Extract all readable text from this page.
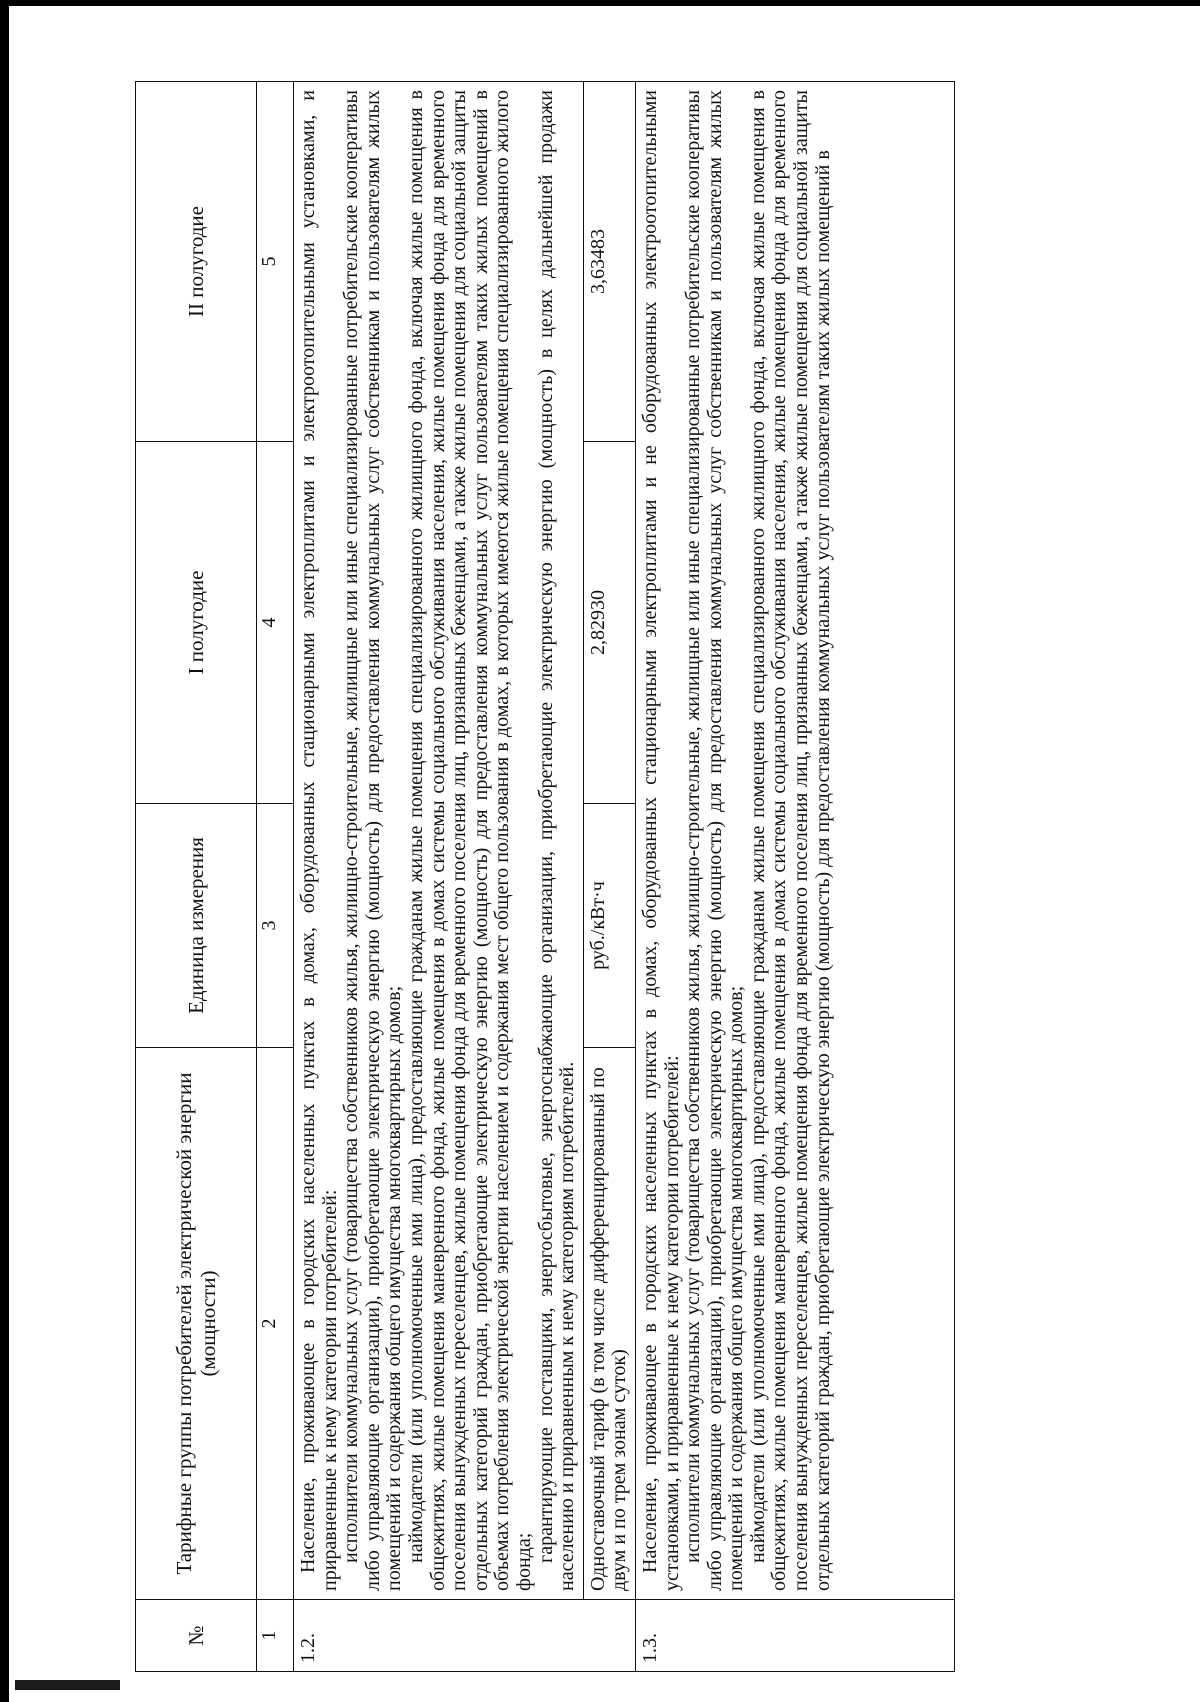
№	Тарифные группы потребителей электрической энергии (мощности)	Единица измерения	I полугодие	II полугодие
1	2	3	4	5
1.2.	Население, проживающее в городских населенных пунктах в домах, оборудованных стационарными электроплитами и электроотопительными установками, и приравненные к нему категории потребителей: исполнители коммунальных услуг (товарищества собственников жилья, жилищно-строительные, жилищные или иные специализированные потребительские кооперативы либо управляющие организации), приобретающие электрическую энергию (мощность) для предоставления коммунальных услуг собственникам и пользователям жилых помещений и содержания общего имущества многоквартирных домов; наймодатели (или уполномоченные ими лица), предоставляющие гражданам жилые помещения специализированного жилищного фонда, включая жилые помещения в общежитиях, жилые помещения маневренного фонда, жилые помещения в домах системы социального обслуживания населения, жилые помещения фонда для временного поселения вынужденных переселенцев, жилые помещения фонда для временного поселения лиц, признанных беженцами, а также жилые помещения для социальной защиты отдельных категорий граждан, приобретающие электрическую энергию (мощность) для предоставления коммунальных услуг пользователям таких жилых помещений в объемах потребления электрической энергии населением и содержания мест общего пользования в домах, в которых имеются жилые помещения специализированного жилого фонда; гарантирующие поставщики, энергосбытовые, энергоснабжающие организации, приобретающие электрическую энергию (мощность) в целях дальнейшей продажи населению и приравненным к нему категориям потребителей.			

	Одноставочный тариф (в том числе дифференцированный по двум и по трем зонам суток)	руб./кВт·ч	2,82930	3,63483
1.3.	Население, проживающее в городских населенных пунктах в домах, оборудованных стационарными электроплитами и не оборудованных электроотопительными установками, и приравненные к нему категории потребителей: исполнители коммунальных услуг (товарищества собственников жилья, жилищно-строительные, жилищные или иные специализированные потребительские кооперативы либо управляющие организации), приобретающие электрическую энергию (мощность) для предоставления коммунальных услуг собственникам и пользователям жилых помещений и содержания общего имущества многоквартирных домов; наймодатели (или уполномоченные ими лица), предоставляющие гражданам жилые помещения специализированного жилищного фонда, включая жилые помещения в общежитиях, жилые помещения маневренного фонда, жилые помещения в домах системы социального обслуживания населения, жилые помещения фонда для временного поселения вынужденных переселенцев, жилые помещения фонда для временного поселения лиц, признанных беженцами, а также жилые помещения для социальной защиты отдельных категорий граждан, приобретающие электрическую энергию (мощность) для предоставления коммунальных услуг пользователям таких жилых помещений в			
